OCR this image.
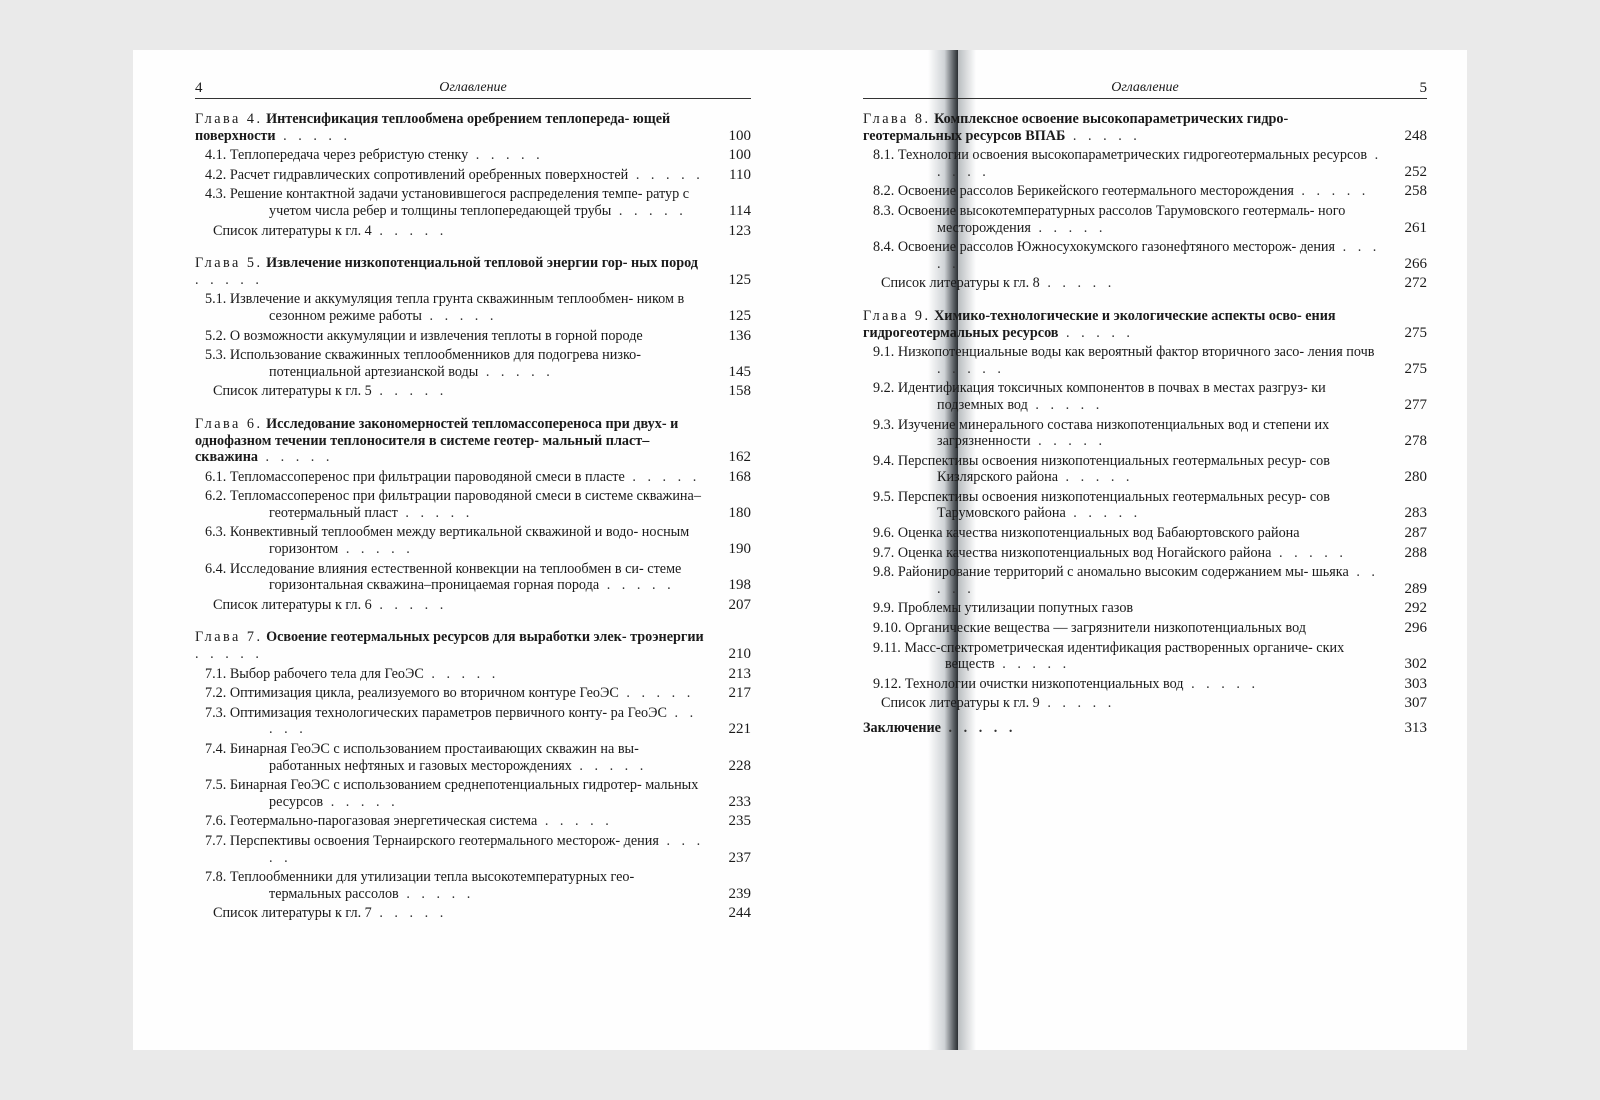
4	Оглавление
Глава 4. Интенсификация теплообмена оребрением теплопереда- ющей поверхности . . . . .	100
4.1. Теплопередача через ребристую стенку . . . . .	100
4.2. Расчет гидравлических сопротивлений оребренных поверхностей . . . . .	110
4.3. Решение контактной задачи установившегося распределения темпе- ратур с учетом числа ребер и толщины теплопередающей трубы . . . . .	114
Список литературы к гл. 4 . . . . .	123
Глава 5. Извлечение низкопотенциальной тепловой энергии гор- ных пород . . . . .	125
5.1. Извлечение и аккумуляция тепла грунта скважинным теплообмен- ником в сезонном режиме работы . . . . .	125
5.2. О возможности аккумуляции и извлечения теплоты в горной породе	136
5.3. Использование скважинных теплообменников для подогрева низко- потенциальной артезианской воды . . . . .	145
Список литературы к гл. 5 . . . . .	158
Глава 6. Исследование закономерностей тепломассопереноса при двух- и однофазном течении теплоносителя в системе геотер- мальный пласт–скважина . . . . .	162
6.1. Тепломассоперенос при фильтрации пароводяной смеси в пласте . . . . .	168
6.2. Тепломассоперенос при фильтрации пароводяной смеси в системе скважина–геотермальный пласт . . . . .	180
6.3. Конвективный теплообмен между вертикальной скважиной и водо- носным горизонтом . . . . .	190
6.4. Исследование влияния естественной конвекции на теплообмен в си- стеме горизонтальная скважина–проницаемая горная порода . . . . .	198
Список литературы к гл. 6 . . . . .	207
Глава 7. Освоение геотермальных ресурсов для выработки элек- троэнергии . . . . .	210
7.1. Выбор рабочего тела для ГеоЭС . . . . .	213
7.2. Оптимизация цикла, реализуемого во вторичном контуре ГеоЭС . . . . .	217
7.3. Оптимизация технологических параметров первичного конту- ра ГеоЭС . . . . .	221
7.4. Бинарная ГеоЭС с использованием простаивающих скважин на вы- работанных нефтяных и газовых месторождениях . . . . .	228
7.5. Бинарная ГеоЭС с использованием среднепотенциальных гидротер- мальных ресурсов . . . . .	233
7.6. Геотермально-парогазовая энергетическая система . . . . .	235
7.7. Перспективы освоения Тернаирского геотермального месторож- дения . . . . .	237
7.8. Теплообменники для утилизации тепла высокотемпературных гео- термальных рассолов . . . . .	239
Список литературы к гл. 7 . . . . .	244
Оглавление	5
Глава 8. Комплексное освоение высокопараметрических гидро- геотермальных ресурсов ВПАБ . . . . .	248
8.1. Технологии освоения высокопараметрических гидрогеотермальных ресурсов . . . . .	252
8.2. Освоение рассолов Берикейского геотермального месторождения . . . . .	258
8.3. Освоение высокотемпературных рассолов Тарумовского геотермаль- ного месторождения . . . . .	261
8.4. Освоение рассолов Южносухокумского газонефтяного месторож- дения . . . . .	266
Список литературы к гл. 8 . . . . .	272
Глава 9. Химико-технологические и экологические аспекты осво- ения гидрогеотермальных ресурсов . . . . .	275
9.1. Низкопотенциальные воды как вероятный фактор вторичного засо- ления почв . . . . .	275
9.2. Идентификация токсичных компонентов в почвах в местах разгруз- ки подземных вод . . . . .	277
9.3. Изучение минерального состава низкопотенциальных вод и степени их загрязненности . . . . .	278
9.4. Перспективы освоения низкопотенциальных геотермальных ресур- сов Кизлярского района . . . . .	280
9.5. Перспективы освоения низкопотенциальных геотермальных ресур- сов Тарумовского района . . . . .	283
9.6. Оценка качества низкопотенциальных вод Бабаюртовского района	287
9.7. Оценка качества низкопотенциальных вод Ногайского района . . . . .	288
9.8. Районирование территорий с аномально высоким содержанием мы- шьяка . . . . .	289
9.9. Проблемы утилизации попутных газов	292
9.10. Органические вещества — загрязнители низкопотенциальных вод	296
9.11. Масс-спектрометрическая идентификация растворенных органиче- ских веществ . . . . .	302
9.12. Технологии очистки низкопотенциальных вод . . . . .	303
Список литературы к гл. 9 . . . . .	307
Заключение . . . . .	313
